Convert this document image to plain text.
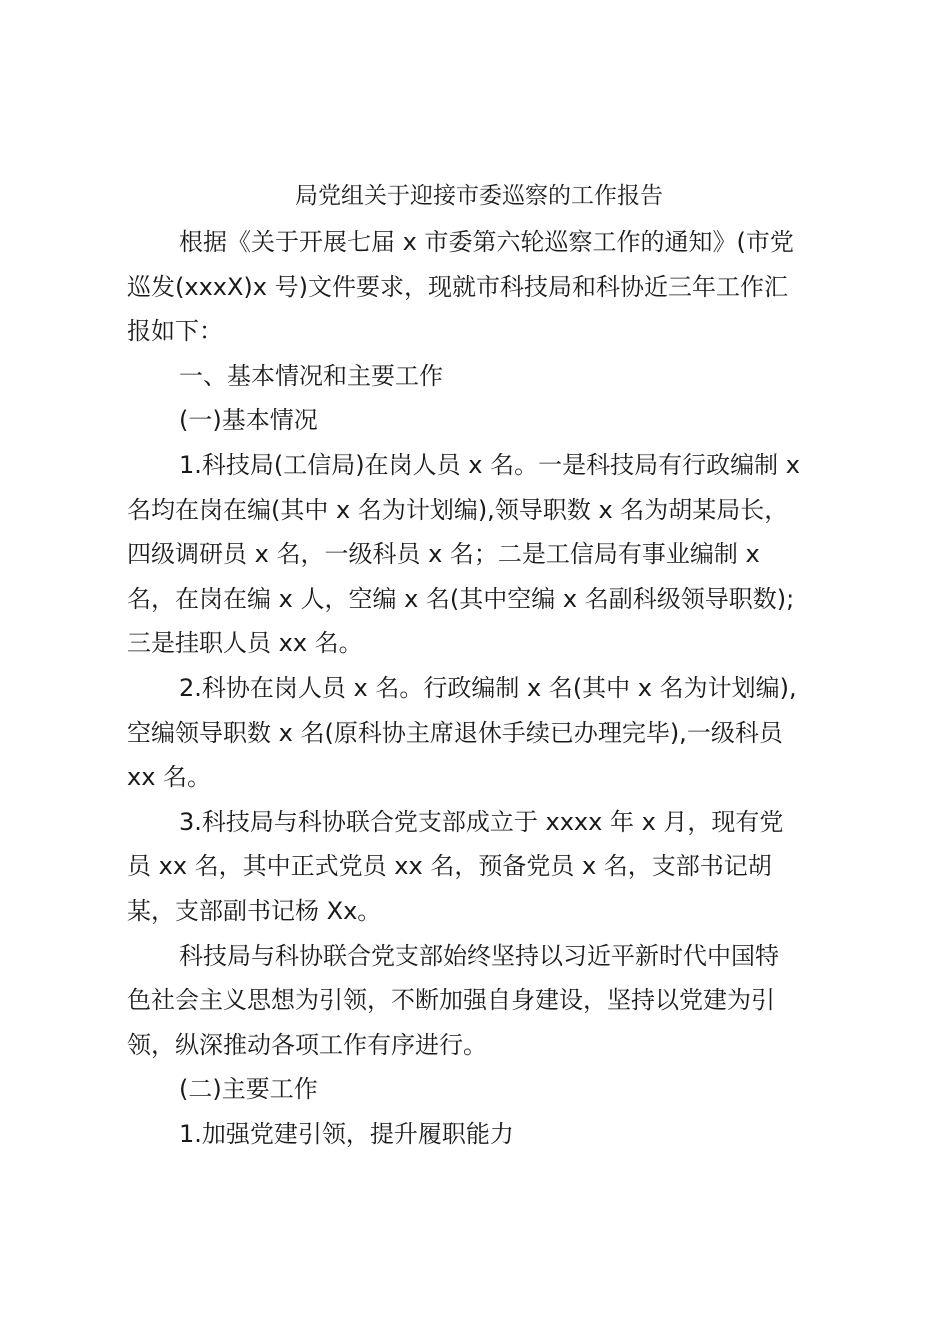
局党组关于迎接市委巡察的工作报告
根据《关于开展七届 x 市委第六轮巡察工作的通知》(市党
巡发(xxxX)x 号)文件要求，现就市科技局和科协近三年工作汇
报如下：
一、基本情况和主要工作
(一)基本情况
1.科技局(工信局)在岗人员 x 名。一是科技局有行政编制 x
名均在岗在编(其中 x 名为计划编),领导职数 x 名为胡某局长，
四级调研员 x 名，一级科员 x 名；二是工信局有事业编制 x
名，在岗在编 x 人，空编 x 名(其中空编 x 名副科级领导职数);
三是挂职人员 xx 名。
2.科协在岗人员 x 名。行政编制 x 名(其中 x 名为计划编),
空编领导职数 x 名(原科协主席退休手续已办理完毕),一级科员
xx 名。
3.科技局与科协联合党支部成立于 xxxx 年 x 月，现有党
员 xx 名，其中正式党员 xx 名，预备党员 x 名，支部书记胡
某，支部副书记杨 Xx。
科技局与科协联合党支部始终坚持以习近平新时代中国特
色社会主义思想为引领，不断加强自身建设，坚持以党建为引
领，纵深推动各项工作有序进行。
(二)主要工作
1.加强党建引领，提升履职能力
